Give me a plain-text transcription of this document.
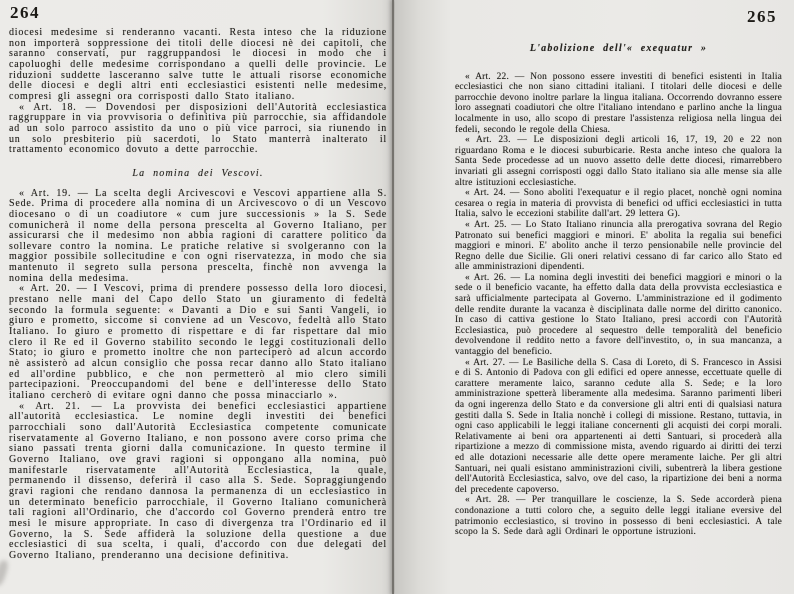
264

diocesi medesime si renderanno vacanti. Resta inteso che la riduzione non importerà soppressione dei titoli delle diocesi nè dei capitoli, che saranno conservati, pur raggruppandosi le diocesi in modo che i capoluoghi delle medesime corrispondano a quelli delle provincie. Le riduzioni suddette lasceranno salve tutte le attuali risorse economiche delle diocesi e degli altri enti ecclesiastici esistenti nelle medesime, compresi gli assegni ora corrisposti dallo Stato italiano.

« Art. 18. — Dovendosi per disposizioni dell'Autorità ecclesiastica raggruppare in via provvisoria o definitiva più parrocchie, sia affidandole ad un solo parroco assistito da uno o più vice parroci, sia riunendo in un solo presbiterio più sacerdoti, lo Stato manterrà inalterato il trattamento economico dovuto a dette parrocchie.

La nomina dei Vescovi.

« Art. 19. — La scelta degli Arcivescovi e Vescovi appartiene alla S. Sede. Prima di procedere alla nomina di un Arcivescovo o di un Vescovo diocesano o di un coadiutore « cum jure successionis » la S. Sede comunicherà il nome della persona prescelta al Governo Italiano, per assicurarsi che il medesimo non abbia ragioni di carattere politico da sollevare contro la nomina. Le pratiche relative si svolgeranno con la maggior possibile sollecitudine e con ogni riservatezza, in modo che sia mantenuto il segreto sulla persona prescelta, finchè non avvenga la nomina della medesima.

« Art. 20. — I Vescovi, prima di prendere possesso della loro diocesi, prestano nelle mani del Capo dello Stato un giuramento di fedeltà secondo la formula seguente: « Davanti a Dio e sui Santi Vangeli, io giuro e prometto, siccome si conviene ad un Vescovo, fedeltà allo Stato Italiano. Io giuro e prometto di rispettare e di far rispettare dal mio clero il Re ed il Governo stabilito secondo le leggi costituzionali dello Stato; io giuro e prometto inoltre che non parteciperò ad alcun accordo nè assisterò ad alcun consiglio che possa recar danno allo Stato italiano ed all'ordine pubblico, e che non permetterò al mio clero simili partecipazioni. Preoccupandomi del bene e dell'interesse dello Stato italiano cercherò di evitare ogni danno che possa minacciarlo ».

« Art. 21. — La provvista dei benefici ecclesiastici appartiene all'autorità ecclesiastica. Le nomine degli investiti dei benefici parrocchiali sono dall'Autorità Ecclesiastica competente comunicate riservatamente al Governo Italiano, e non possono avere corso prima che siano passati trenta giorni dalla comunicazione. In questo termine il Governo Italiano, ove gravi ragioni si oppongano alla nomina, può manifestarle riservatamente all'Autorità Ecclesiastica, la quale, permanendo il dissenso, deferirà il caso alla S. Sede. Sopraggiungendo gravi ragioni che rendano dannosa la permanenza di un ecclesiastico in un determinato beneficio parrocchiale, il Governo Italiano comunicherà tali ragioni all'Ordinario, che d'accordo col Governo prenderà entro tre mesi le misure appropriate. In caso di divergenza tra l'Ordinario ed il Governo, la S. Sede affiderà la soluzione della questione a due ecclesiastici di sua scelta, i quali, d'accordo con due delegati del Governo Italiano, prenderanno una decisione definitiva.

265
L'abolizione dell'« exequatur »

« Art. 22. — Non possono essere investiti di benefici esistenti in Italia ecclesiastici che non siano cittadini italiani. I titolari delle diocesi e delle parrocchie devono inoltre parlare la lingua italiana. Occorrendo dovranno essere loro assegnati coadiutori che oltre l'italiano intendano e parlino anche la lingua localmente in uso, allo scopo di prestare l'assistenza religiosa nella lingua dei fedeli, secondo le regole della Chiesa.

« Art. 23. — Le disposizioni degli articoli 16, 17, 19, 20 e 22 non riguardano Roma e le diocesi suburbicarie. Resta anche inteso che qualora la Santa Sede procedesse ad un nuovo assetto delle dette diocesi, rimarrebbero invariati gli assegni corrisposti oggi dallo Stato italiano sia alle mense sia alle altre istituzioni ecclesiastiche.

« Art. 24. — Sono aboliti l'exequatur e il regio placet, nonchè ogni nomina cesarea o regia in materia di provvista di benefici od uffici ecclesiastici in tutta Italia, salvo le eccezioni stabilite dall'art. 29 lettera G).

« Art. 25. — Lo Stato Italiano rinuncia alla prerogativa sovrana del Regio Patronato sui benefici maggiori e minori. E' abolita la regalia sui benefici maggiori e minori. E' abolito anche il terzo pensionabile nelle provincie del Regno delle due Sicilie. Gli oneri relativi cessano di far carico allo Stato ed alle amministrazioni dipendenti.

« Art. 26. — La nomina degli investiti dei benefici maggiori e minori o la sede o il beneficio vacante, ha effetto dalla data della provvista ecclesiastica e sarà ufficialmente partecipata al Governo. L'amministrazione ed il godimento delle rendite durante la vacanza è disciplinata dalle norme del diritto canonico. In caso di cattiva gestione lo Stato Italiano, presi accordi con l'Autorità Ecclesiastica, può procedere al sequestro delle temporalità del beneficio devolvendone il reddito netto a favore dell'investito, o, in sua mancanza, a vantaggio del beneficio.

« Art. 27. — Le Basiliche della S. Casa di Loreto, di S. Francesco in Assisi e di S. Antonio di Padova con gli edifici ed opere annesse, eccettuate quelle di carattere meramente laico, saranno cedute alla S. Sede; e la loro amministrazione spetterà liberamente alla medesima. Saranno parimenti liberi da ogni ingerenza dello Stato e da conversione gli altri enti di qualsiasi natura gestiti dalla S. Sede in Italia nonchè i collegi di missione. Restano, tuttavia, in ogni caso applicabili le leggi italiane concernenti gli acquisti dei corpi morali. Relativamente ai beni ora appartenenti ai detti Santuari, si procederà alla ripartizione a mezzo di commissione mista, avendo riguardo ai diritti dei terzi ed alle dotazioni necessarie alle dette opere meramente laiche. Per gli altri Santuari, nei quali esistano amministrazioni civili, subentrerà la libera gestione dell'Autorità Ecclesiastica, salvo, ove del caso, la ripartizione dei beni a norma del precedente capoverso.

« Art. 28. — Per tranquillare le coscienze, la S. Sede accorderà piena condonazione a tutti coloro che, a seguito delle leggi italiane eversive del patrimonio ecclesiastico, si trovino in possesso di beni ecclesiastici. A tale scopo la S. Sede darà agli Ordinari le opportune istruzioni.
